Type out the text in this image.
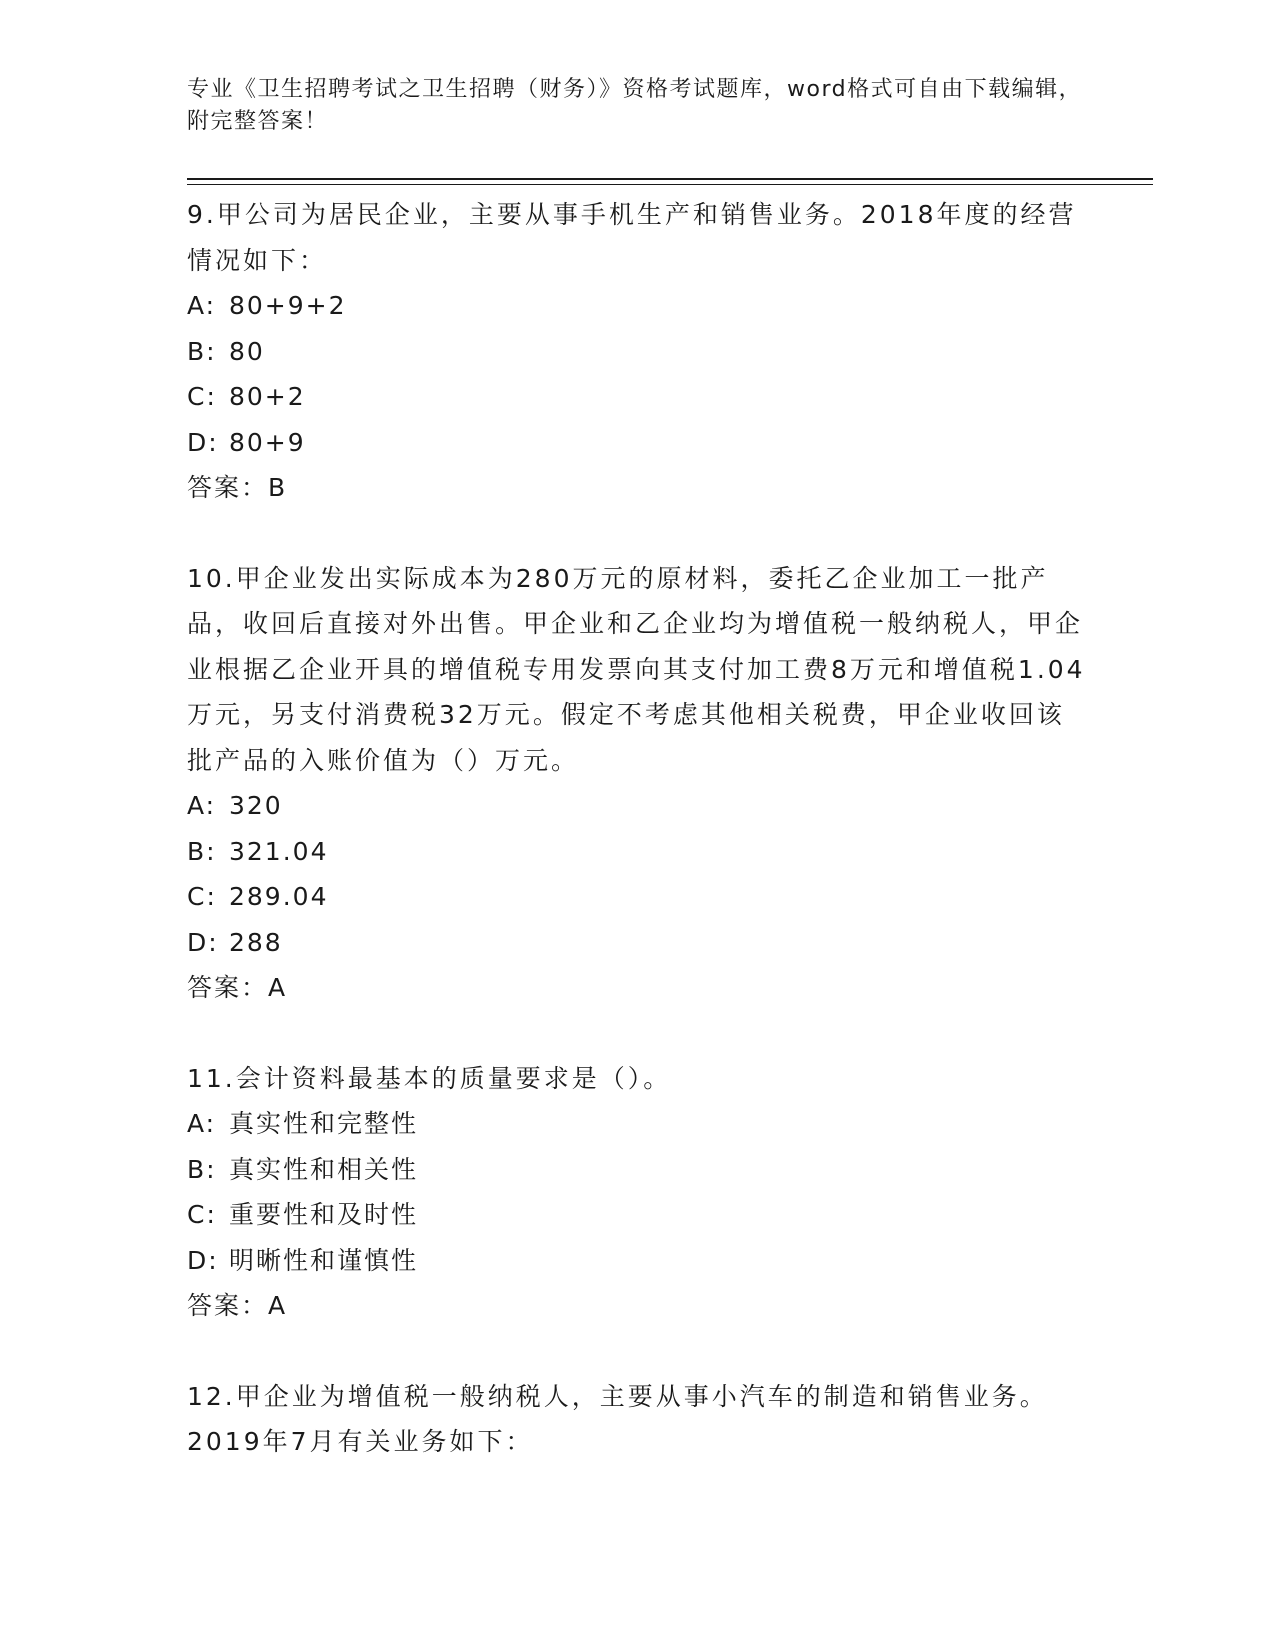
专业《卫生招聘考试之卫生招聘（财务）》资格考试题库，word格式可自由下载编辑，附完整答案！

9.甲公司为居民企业，主要从事手机生产和销售业务。2018年度的经营情况如下：

A: 80+9+2

B: 80

C: 80+2

D: 80+9

答案：B

10.甲企业发出实际成本为280万元的原材料，委托乙企业加工一批产品，收回后直接对外出售。甲企业和乙企业均为增值税一般纳税人，甲企业根据乙企业开具的增值税专用发票向其支付加工费8万元和增值税1.04万元，另支付消费税32万元。假定不考虑其他相关税费，甲企业收回该批产品的入账价值为（）万元。

A: 320

B: 321.04

C: 289.04

D: 288

答案：A

11.会计资料最基本的质量要求是（）。

A: 真实性和完整性

B: 真实性和相关性

C: 重要性和及时性

D: 明晰性和谨慎性

答案：A

12.甲企业为增值税一般纳税人，主要从事小汽车的制造和销售业务。2019年7月有关业务如下：
